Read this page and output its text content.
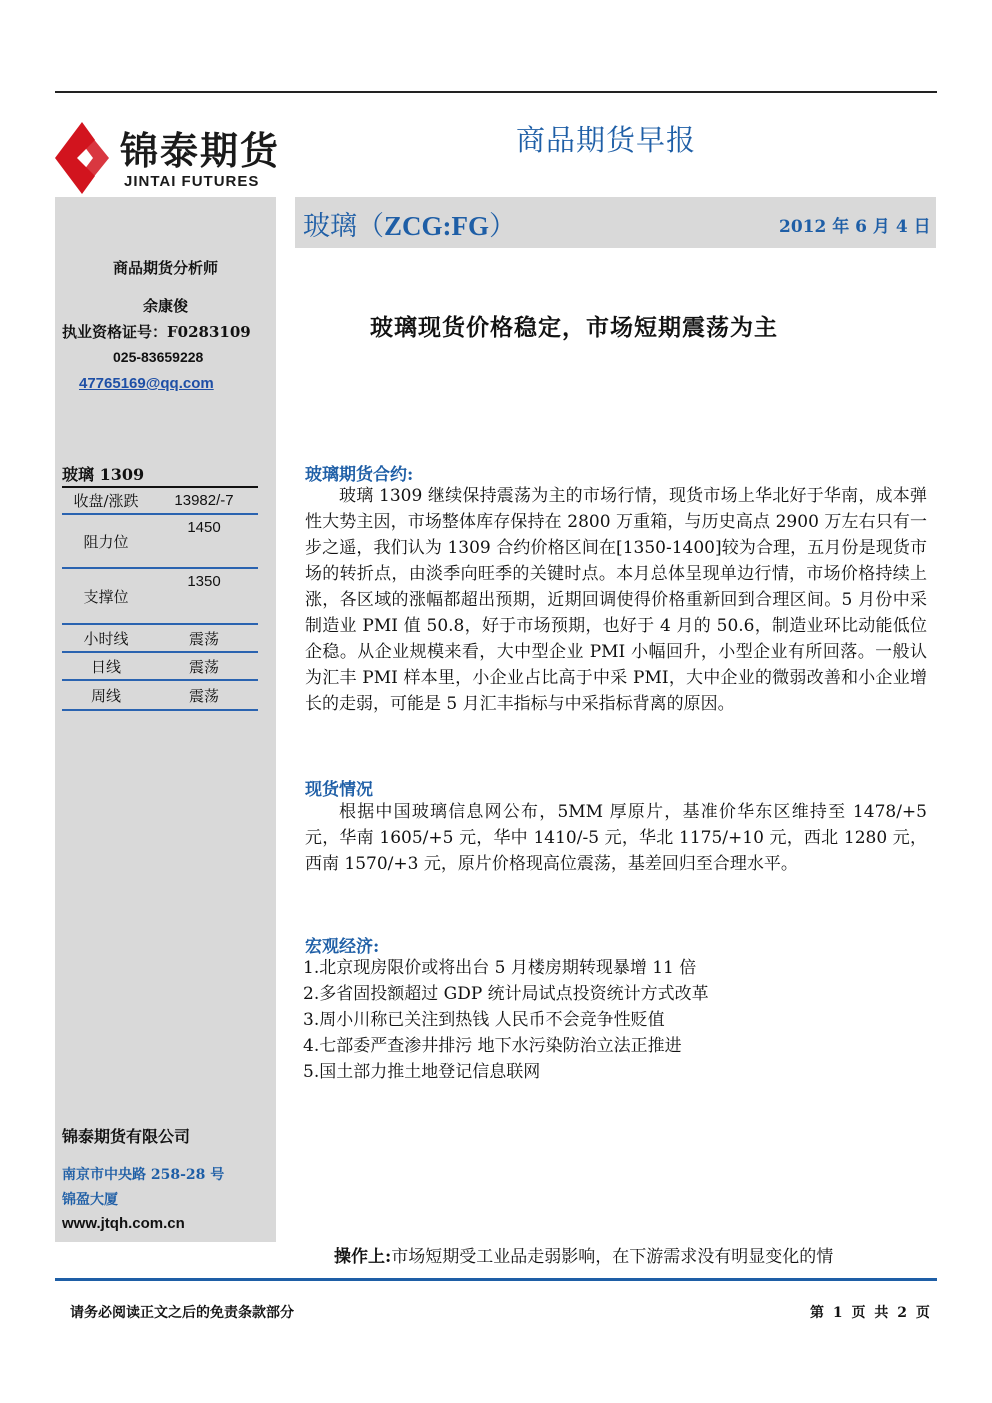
锦泰期货
JINTAI FUTURES
商品期货早报
玻璃（ZCG:FG）	2012 年 6 月 4 日
商品期货分析师
余康俊
执业资格证号：F0283109
025-83659228
47765169@qq.com
玻璃 1309
收盘/涨跌	13982/-7
阻力位	1450
支撑位	1350
小时线	震荡
日线	震荡
周线	震荡
玻璃现货价格稳定，市场短期震荡为主
玻璃期货合约:

玻璃 1309 继续保持震荡为主的市场行情，现货市场上华北好于华南，成本弹性大势主因，市场整体库存保持在 2800 万重箱，与历史高点 2900 万左右只有一步之遥，我们认为 1309 合约价格区间在[1350-1400]较为合理，五月份是现货市场的转折点，由淡季向旺季的关键时点。本月总体呈现单边行情，市场价格持续上涨，各区域的涨幅都超出预期，近期回调使得价格重新回到合理区间。5 月份中采制造业 PMI 值 50.8，好于市场预期，也好于 4 月的 50.6，制造业环比动能低位企稳。从企业规模来看，大中型企业 PMI 小幅回升，小型企业有所回落。一般认为汇丰 PMI 样本里，小企业占比高于中采 PMI，大中企业的微弱改善和小企业增长的走弱，可能是 5 月汇丰指标与中采指标背离的原因。

现货情况

根据中国玻璃信息网公布，5MM 厚原片，基准价华东区维持至 1478/+5 元，华南 1605/+5 元，华中 1410/-5 元，华北 1175/+10 元，西北 1280 元，西南 1570/+3 元，原片价格现高位震荡，基差回归至合理水平。

宏观经济:
1.北京现房限价或将出台 5 月楼房期转现暴增 11 倍
2.多省固投额超过 GDP 统计局试点投资统计方式改革
3.周小川称已关注到热钱 人民币不会竞争性贬值
4.七部委严查渗井排污 地下水污染防治立法正推进
5.国土部力推土地登记信息联网
锦泰期货有限公司
南京市中央路 258-28 号
锦盈大厦
www.jtqh.com.cn
操作上:市场短期受工业品走弱影响，在下游需求没有明显变化的情
请务必阅读正文之后的免责条款部分	第 1 页 共 2 页
